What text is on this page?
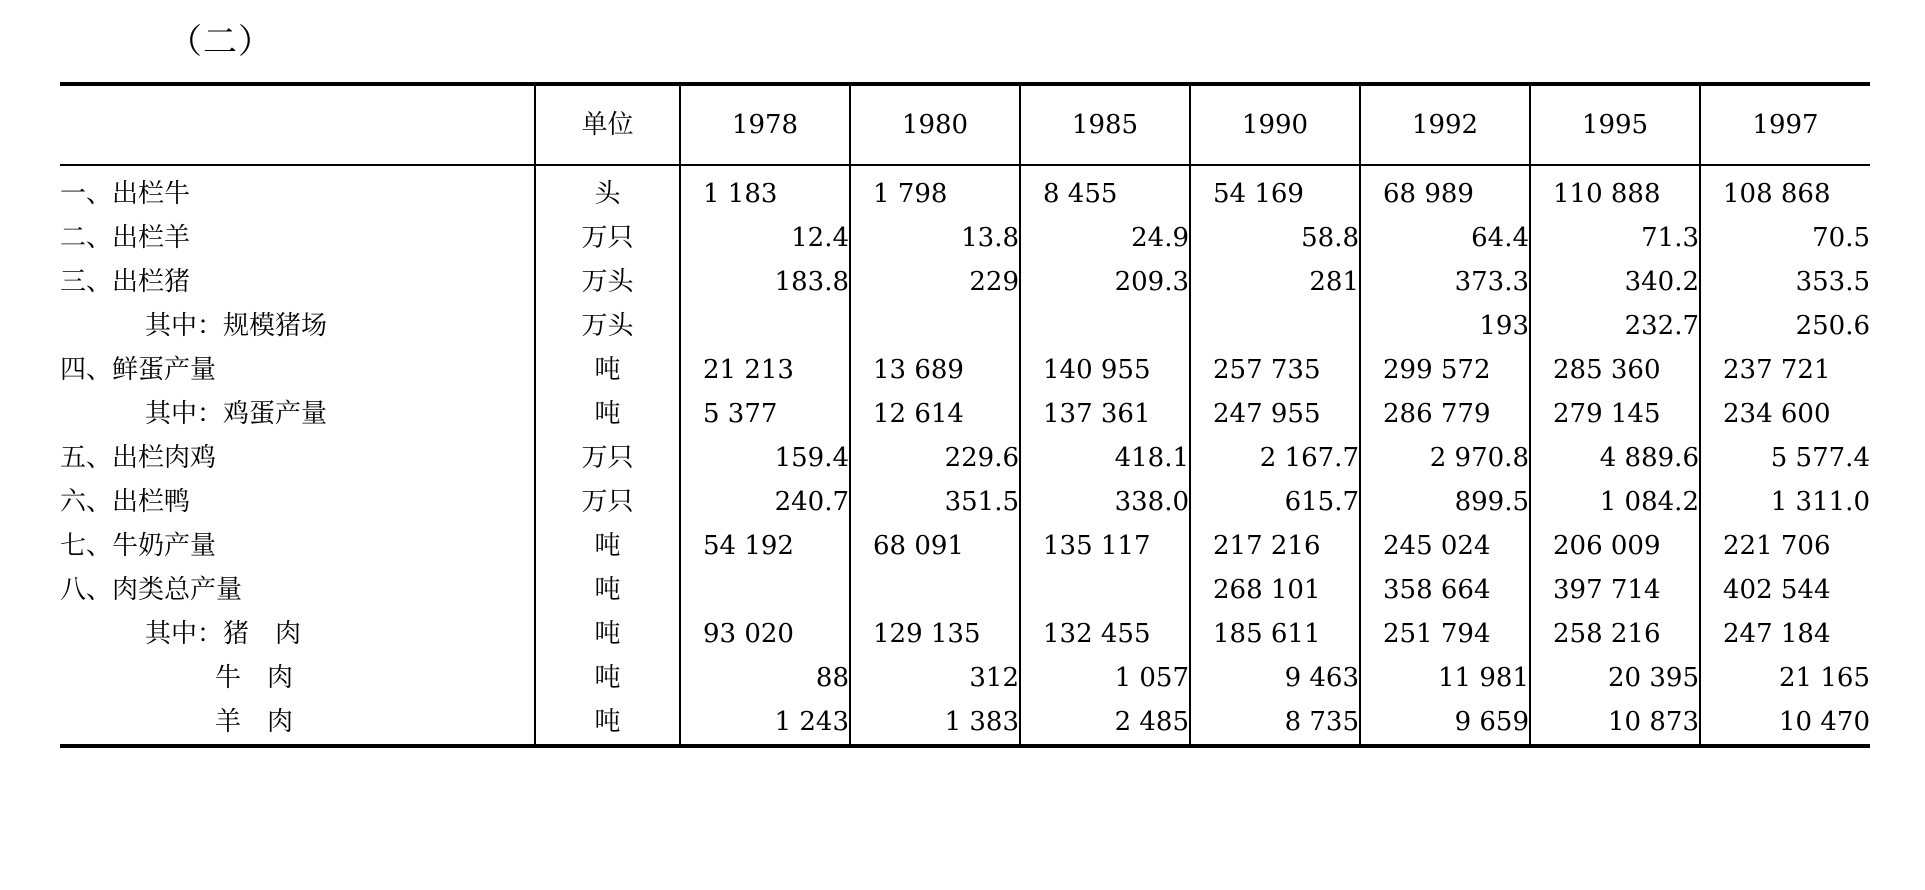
（二）
	单位	1978	1980	1985	1990	1992	1995	1997
一、出栏牛	头	1 183	1 798	8 455	54 169	68 989	110 888	108 868
二、出栏羊	万只	12.4	13.8	24.9	58.8	64.4	71.3	70.5
三、出栏猪	万头	183.8	229	209.3	281	373.3	340.2	353.5
其中：规模猪场	万头					193	232.7	250.6
四、鲜蛋产量	吨	21 213	13 689	140 955	257 735	299 572	285 360	237 721
其中：鸡蛋产量	吨	5 377	12 614	137 361	247 955	286 779	279 145	234 600
五、出栏肉鸡	万只	159.4	229.6	418.1	2 167.7	2 970.8	4 889.6	5 577.4
六、出栏鸭	万只	240.7	351.5	338.0	615.7	899.5	1 084.2	1 311.0
七、牛奶产量	吨	54 192	68 091	135 117	217 216	245 024	206 009	221 706
八、肉类总产量	吨				268 101	358 664	397 714	402 544
其中：猪　肉	吨	93 020	129 135	132 455	185 611	251 794	258 216	247 184
牛　肉	吨	88	312	1 057	9 463	11 981	20 395	21 165
羊　肉	吨	1 243	1 383	2 485	8 735	9 659	10 873	10 470
